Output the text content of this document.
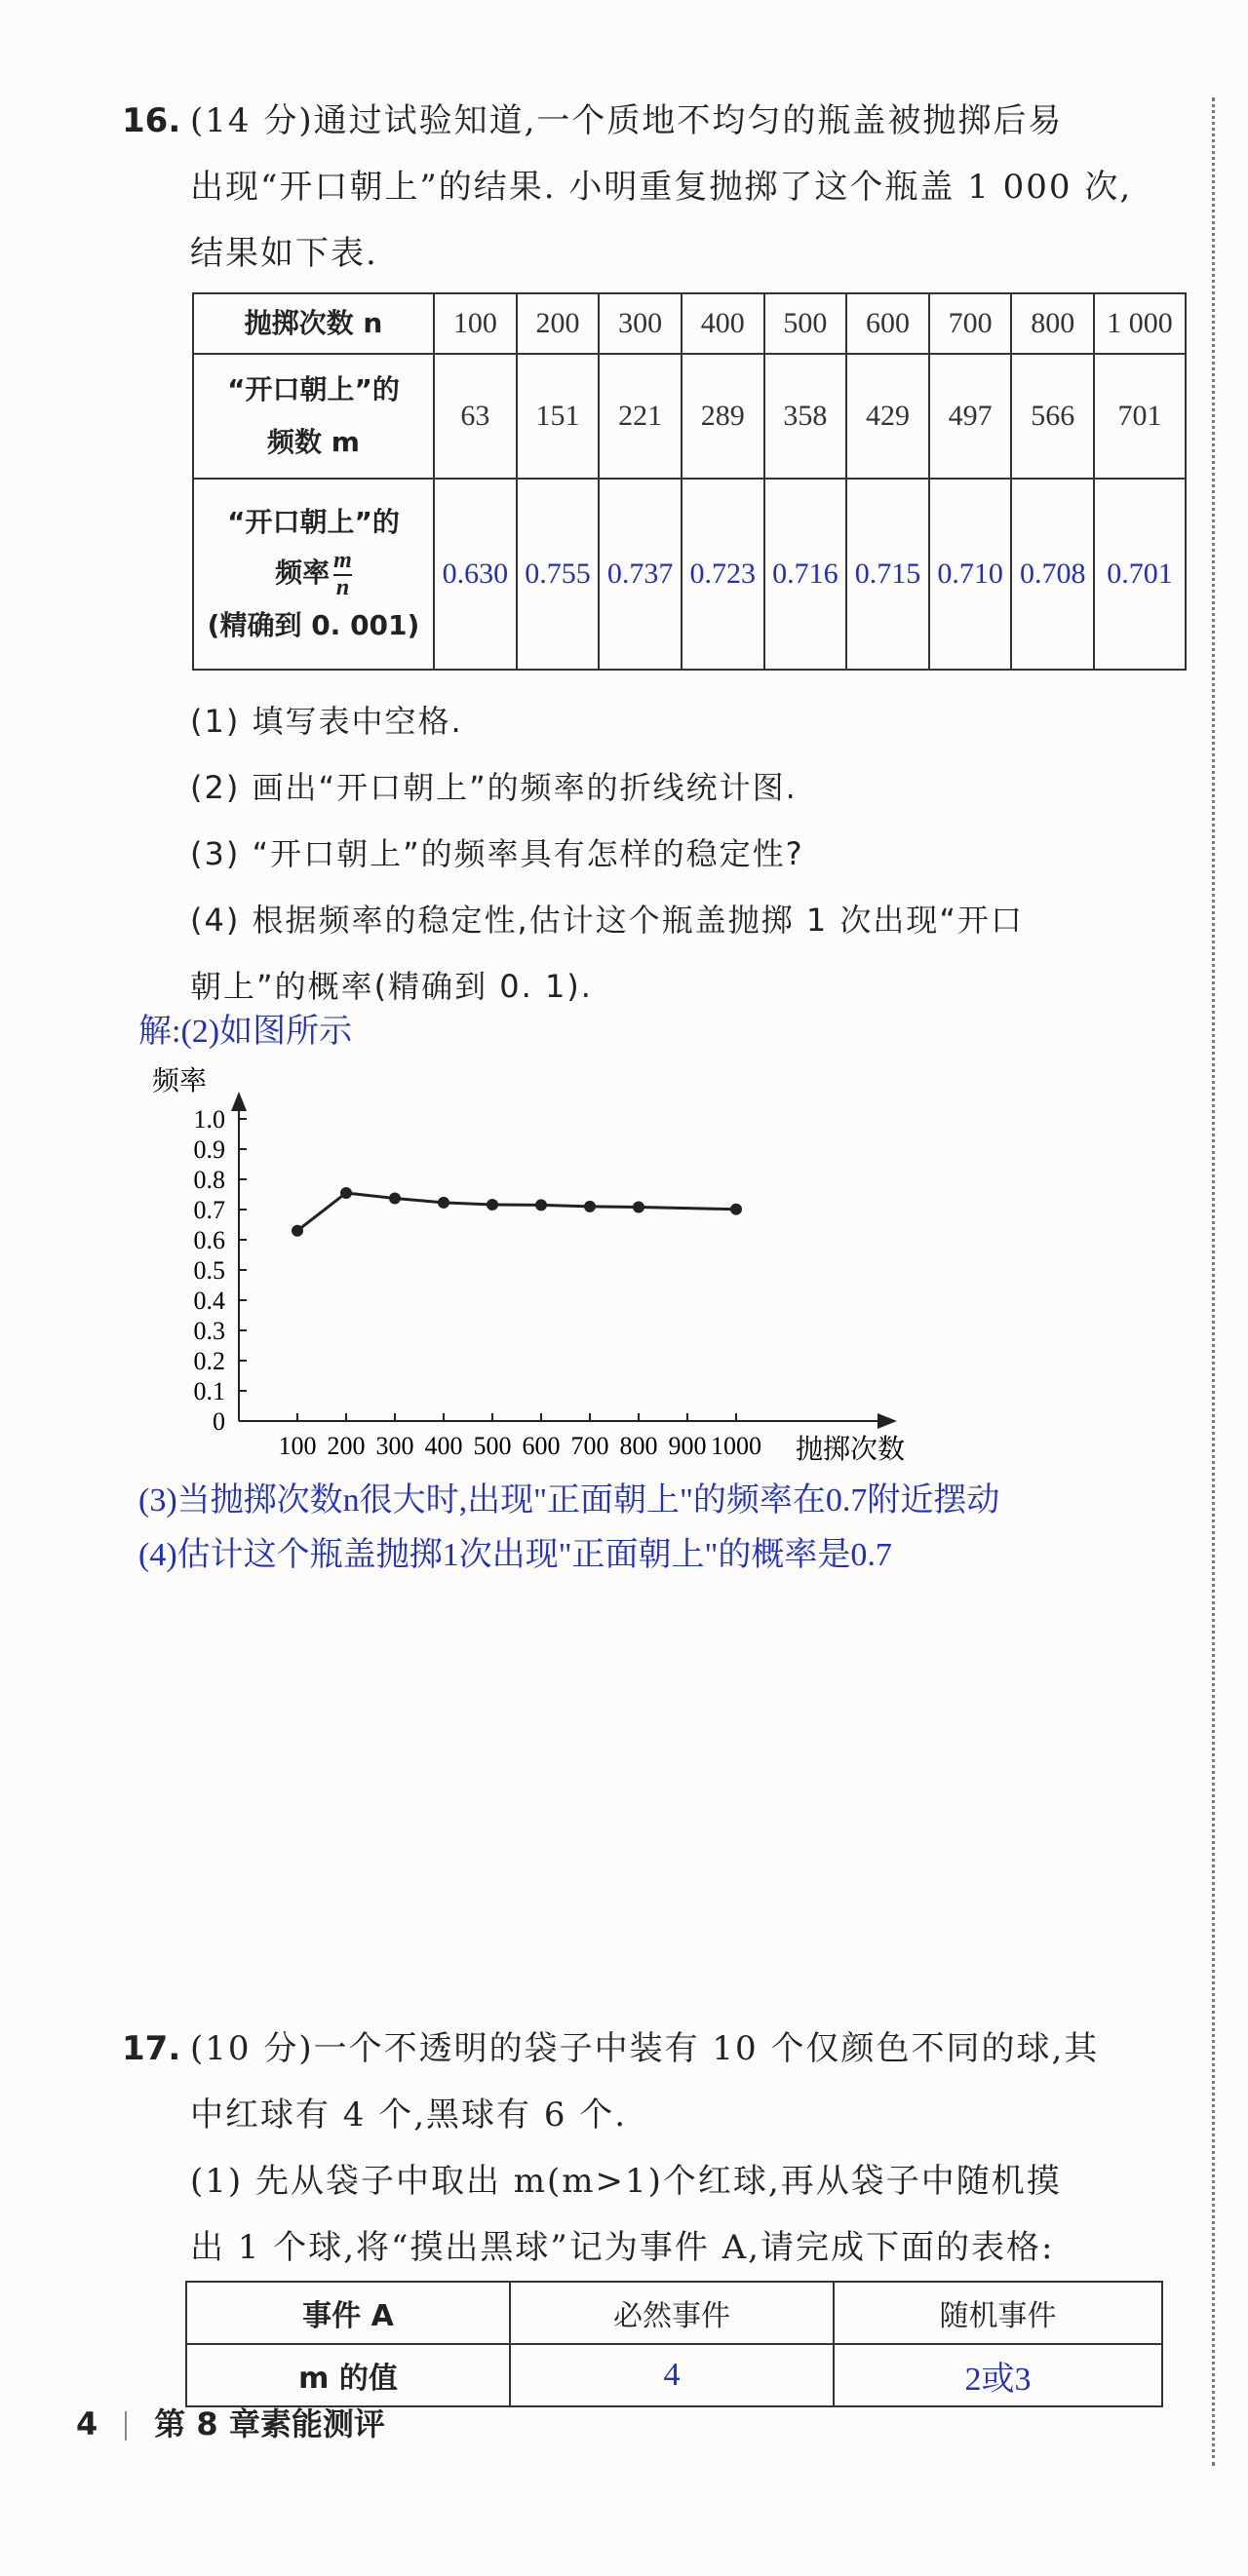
16. (14 分)通过试验知道,一个质地不均匀的瓶盖被抛掷后易
出现“开口朝上”的结果. 小明重复抛掷了这个瓶盖 1 000 次,
结果如下表.
抛掷次数 n	100	200	300	400	500	600	700	800	1 000

“开口朝上”的
频数 m	63	151	221	289	358	429	497	566	701

“开口朝上”的
频率 $\frac{m}{n}$
(精确到 0. 001)	0.630	0.755	0.737	0.723	0.716	0.715	0.710	0.708	0.701
(1) 填写表中空格.
(2) 画出“开口朝上”的频率的折线统计图.
(3) “开口朝上”的频率具有怎样的稳定性?
(4) 根据频率的稳定性,估计这个瓶盖抛掷 1 次出现“开口
朝上”的概率(精确到 0. 1).
解:(2)如图所示
0
0.1
0.2
0.3
0.4
0.5
0.6
0.7
0.8
0.9
1.0
100 200 300 400 500 600 700 800 900 1000
频率
抛掷次数
(3)当抛掷次数n很大时,出现"正面朝上"的频率在0.7附近摆动
(4)估计这个瓶盖抛掷1次出现"正面朝上"的概率是0.7
17. (10 分)一个不透明的袋子中装有 10 个仅颜色不同的球,其
中红球有 4 个,黑球有 6 个.
(1) 先从袋子中取出 m(m>1)个红球,再从袋子中随机摸
出 1 个球,将“摸出黑球”记为事件 A,请完成下面的表格:
事件 A	必然事件	随机事件
m 的值	4	2或3
4 第 8 章素能测评
